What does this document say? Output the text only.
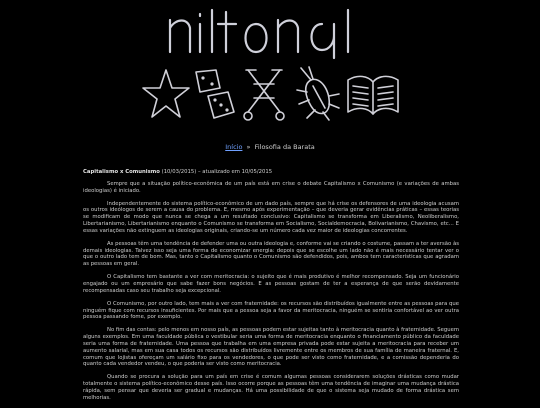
Início » Filosofia da Barata
Capitalismo x Comunismo (10/03/2015) – atualizado em 10/05/2015

Sempre que a situação político-econômica de um país está em crise o debate Capitalismo x Comunismo (e variações de ambas ideologias) é iniciado.

Independentemente do sistema político-econômico de um dado país, sempre que há crise os defensores de uma ideologia acusam os outros ideólogos de serem a causa do problema. E, mesmo após experimentação – que deveria gerar evidências práticas – essas teorias se modificam de modo que nunca se chega a um resultado conclusivo: Capitalismo se transforma em Liberalismo, Neoliberalismo, Libertarianismo, Libertarianismo enquanto o Comunismo se transforma em Socialismo, Socialdemocracia, Bolivarianismo, Chavismo, etc... E essas variações não extinguem as ideologias originais, criando-se um número cada vez maior de ideologias concorrentes.

As pessoas têm uma tendência de defender uma ou outra ideologia e, conforme vai se criando o costume, passam a ter aversão às demais ideologias. Talvez isso seja uma forma de economizar energia: depois que se escolhe um lado não é mais necessário tentar ver o que o outro lado tem de bom. Mas, tanto o Capitalismo quanto o Comunismo são defendidos, pois, ambos tem características que agradam as pessoas em geral.

O Capitalismo tem bastante a ver com meritocracia: o sujeito que é mais produtivo é melhor recompensado. Seja um funcionário engajado ou um empresário que sabe fazer bons negócios. E as pessoas gostam de ter a esperança de que serão devidamente recompensadas caso seu trabalho seja excepcional.

O Comunismo, por outro lado, tem mais a ver com fraternidade: os recursos são distribuídos igualmente entre as pessoas para que ninguém fique com recursos insuficientes. Por mais que a pessoa seja a favor da meritocracia, ninguém se sentiria confortável ao ver outra pessoa passando fome, por exemplo.

No fim das contas: pelo menos em nosso país, as pessoas podem estar sujeitas tanto à meritocracia quanto à fraternidade. Seguem alguns exemplos. Em uma faculdade pública o vestibular seria uma forma de meritocracia enquanto o financiamento público da faculdade seria uma forma de fraternidade. Uma pessoa que trabalha em uma empresa privada pode estar sujeita a meritocracia para receber um aumento salarial, mas em sua casa todos os recursos são distribuídos livremente entre os membros de sua família de maneira fraternal. E, comum que lojistas ofereçam um salário fixo para os vendedores, o que pode ser visto como fraternidade, e a comissão dependeria do quanto cada vendedor vendeu, o que poderia ser visto como meritocracia.

Quando se procura a solução para um país em crise é comum algumas pessoas considerarem soluções drásticas como mudar totalmente o sistema político-econômico desse país. Isso ocorre porque as pessoas têm uma tendência de imaginar uma mudança drástica rápida, sem pensar que deveria ser gradual e mudanças. Há uma possibilidade de que o sistema seja mudado de forma drástica sem melhorias.
